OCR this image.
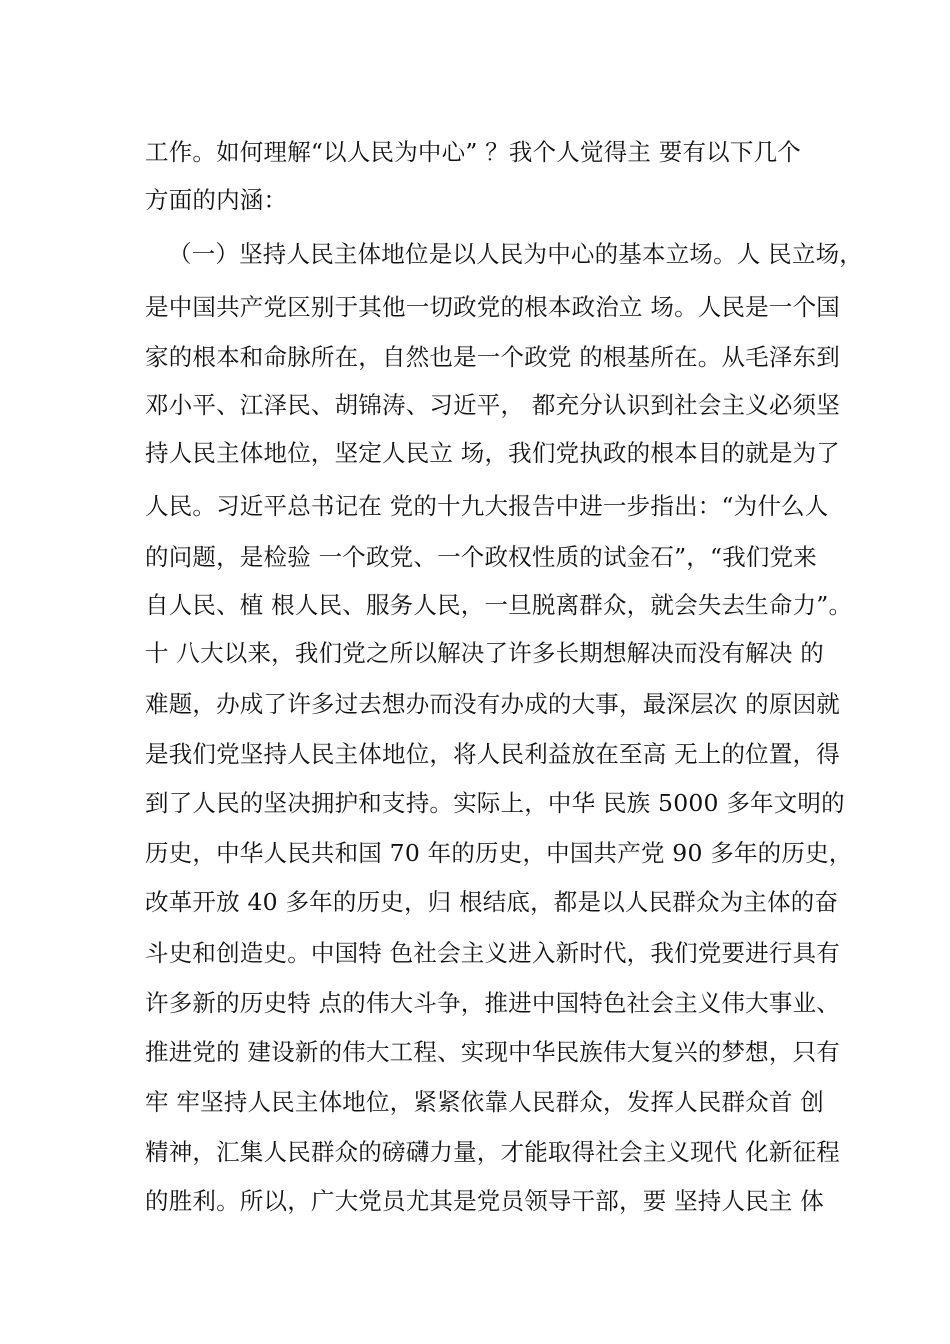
工作。如何理解“以人民为中心” ？我个人觉得主 要有以下几个
方面的内涵：
（一）坚持人民主体地位是以人民为中心的基本立场。人 民立场，
是中国共产党区别于其他一切政党的根本政治立 场。人民是一个国
家的根本和命脉所在，自然也是一个政党 的根基所在。从毛泽东到
邓小平、江泽民、胡锦涛、习近平， 都充分认识到社会主义必须坚
持人民主体地位，坚定人民立 场，我们党执政的根本目的就是为了
人民。习近平总书记在 党的十九大报告中进一步指出：“为什么人
的问题，是检验 一个政党、一个政权性质的试金石”，“我们党来
自人民、植 根人民、服务人民，一旦脱离群众，就会失去生命力”。
十 八大以来，我们党之所以解决了许多长期想解决而没有解决 的
难题，办成了许多过去想办而没有办成的大事，最深层次 的原因就
是我们党坚持人民主体地位，将人民利益放在至高 无上的位置，得
到了人民的坚决拥护和支持。实际上，中华 民族 5000 多年文明的
历史，中华人民共和国 70 年的历史，中国共产党 90 多年的历史，
改革开放 40 多年的历史，归 根结底，都是以人民群众为主体的奋
斗史和创造史。中国特 色社会主义进入新时代，我们党要进行具有
许多新的历史特 点的伟大斗争，推进中国特色社会主义伟大事业、
推进党的 建设新的伟大工程、实现中华民族伟大复兴的梦想，只有
牢 牢坚持人民主体地位，紧紧依靠人民群众，发挥人民群众首 创
精神，汇集人民群众的磅礴力量，才能取得社会主义现代 化新征程
的胜利。所以，广大党员尤其是党员领导干部，要 坚持人民主 体
